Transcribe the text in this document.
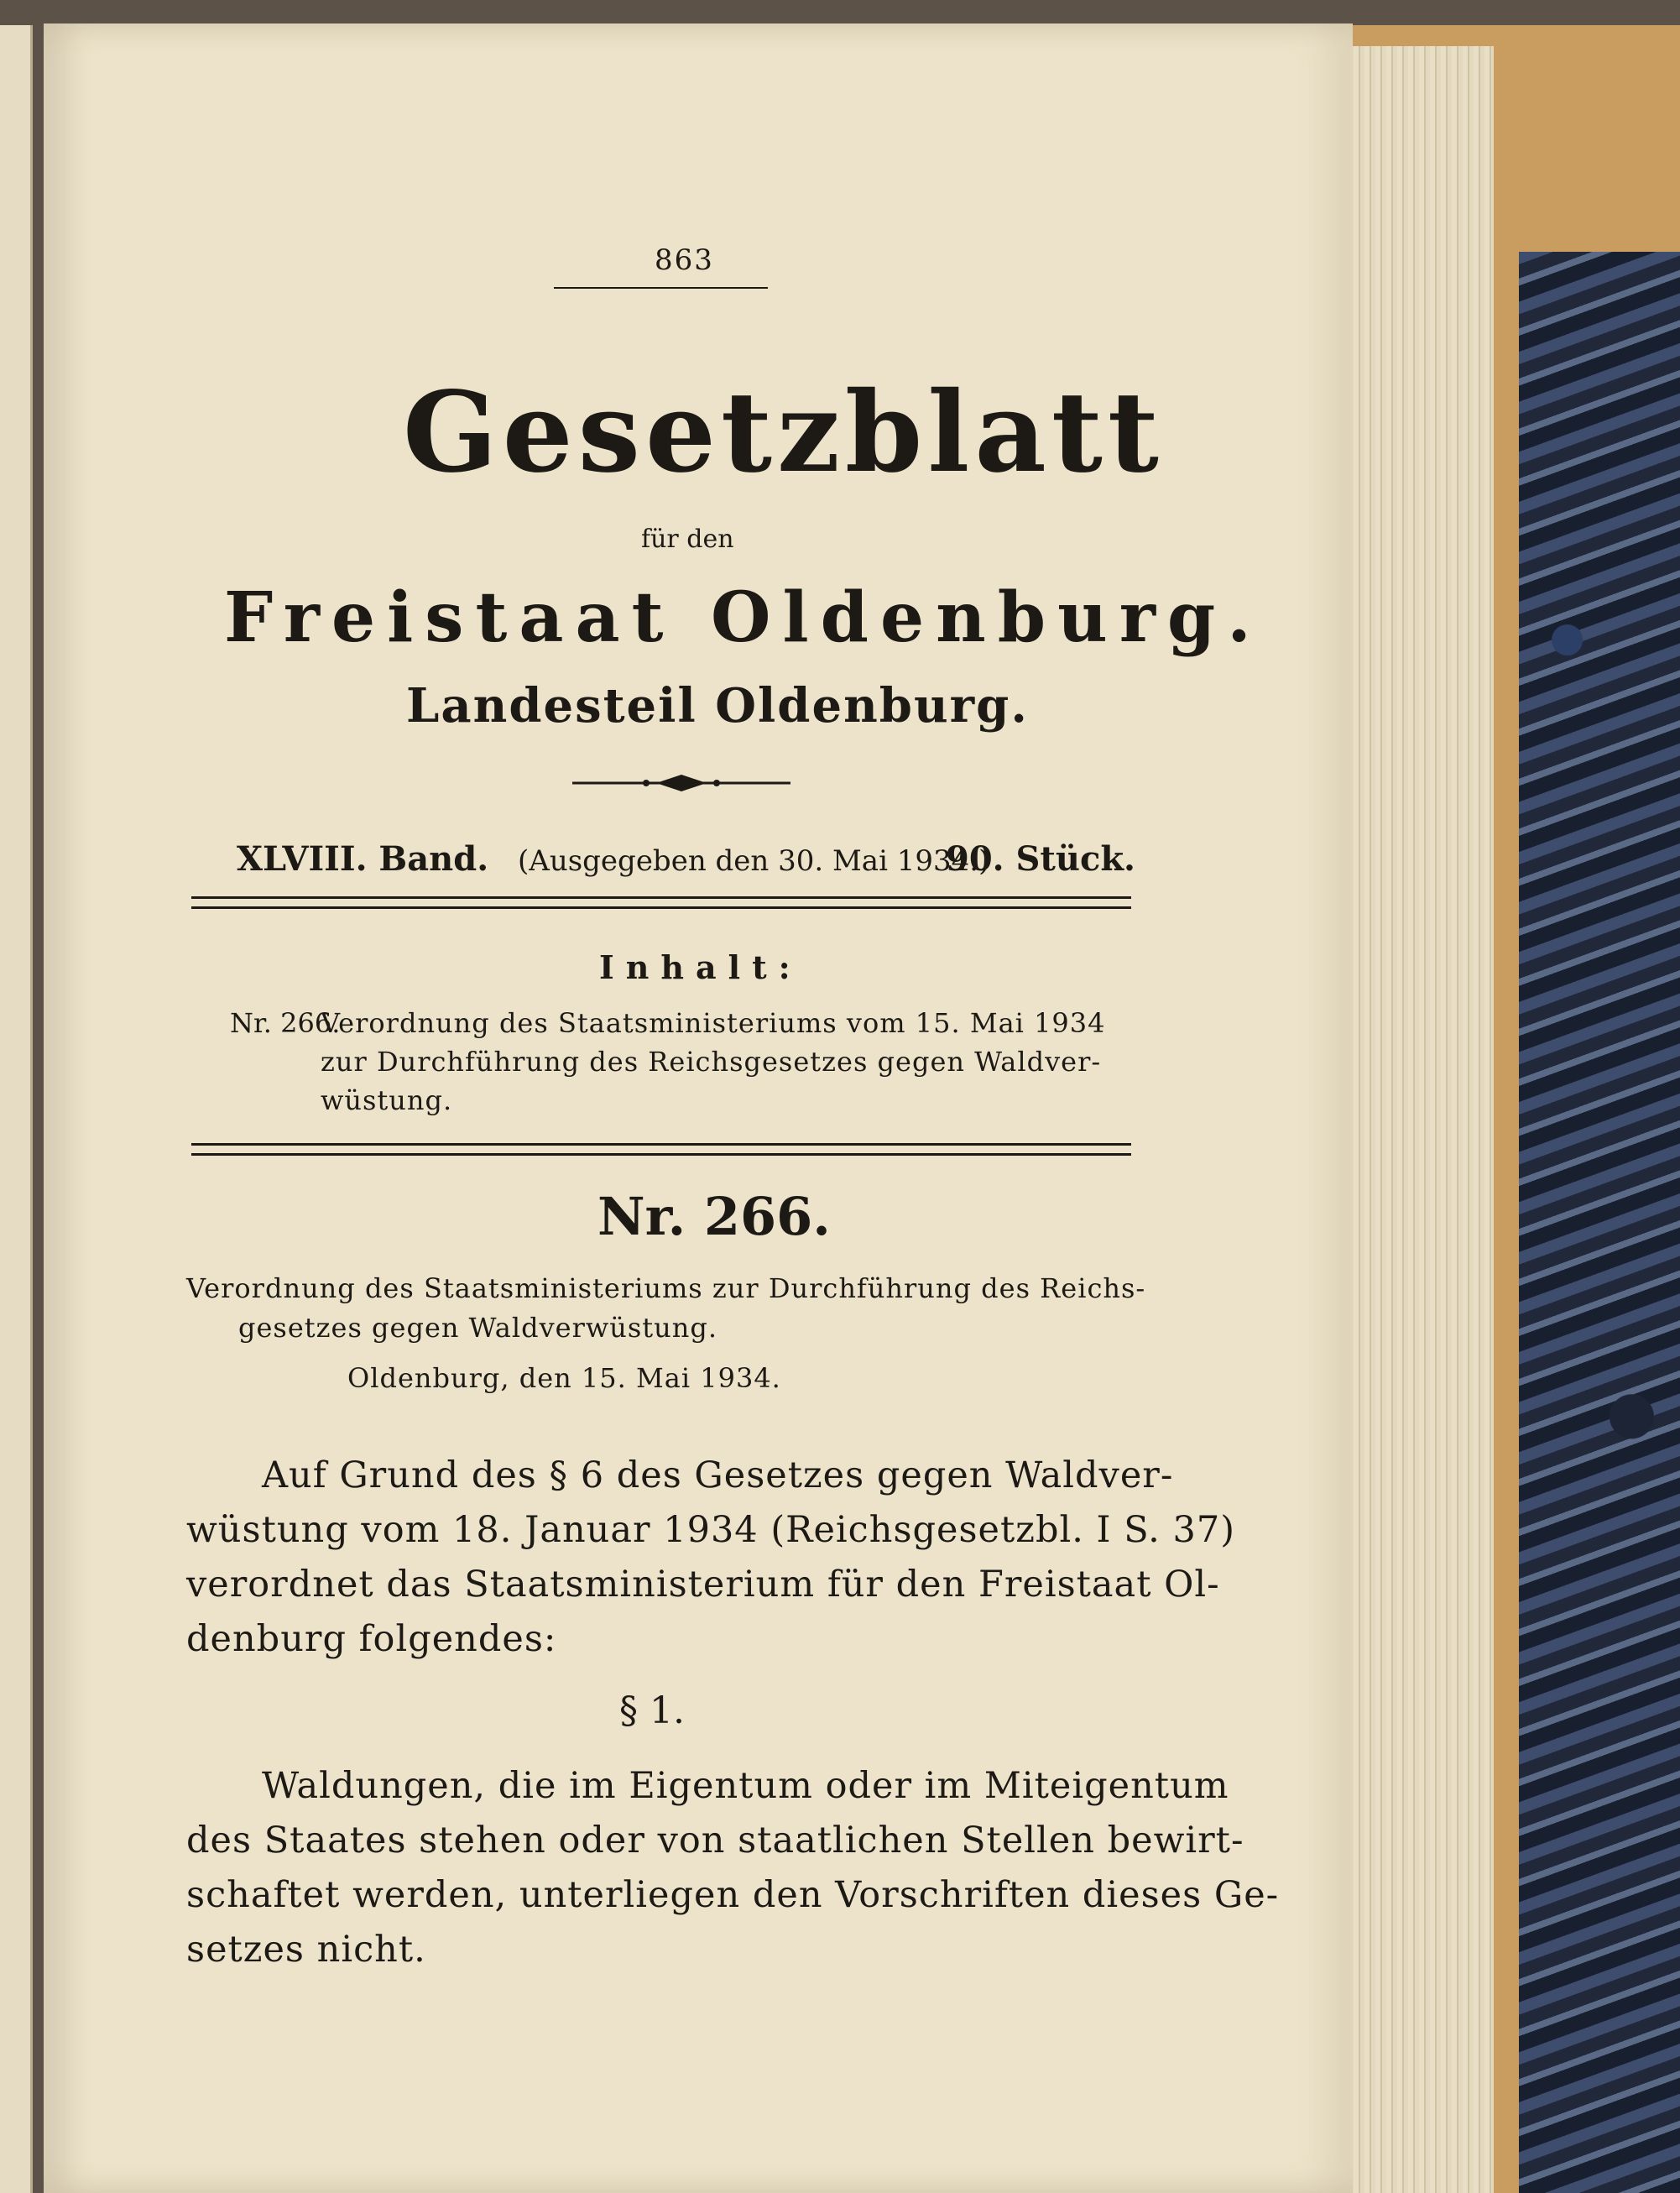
863
Gesetzblatt
für den
Freistaat Oldenburg.
Landesteil Oldenburg.
XLVIII. Band. (Ausgegeben den 30. Mai 1934.)
90. Stück.
Inhalt:
Nr. 266.
Verordnung des Staatsministeriums vom 15. Mai 1934
zur Durchführung des Reichsgesetzes gegen Waldver-
wüstung.
Nr. 266.
Verordnung des Staatsministeriums zur Durchführung des Reichs-
gesetzes gegen Waldverwüstung.
Oldenburg, den 15. Mai 1934.
Auf Grund des § 6 des Gesetzes gegen Waldver-
wüstung vom 18. Januar 1934 (Reichsgesetzbl. I S. 37)
verordnet das Staatsministerium für den Freistaat Ol-
denburg folgendes:
§ 1.
Waldungen, die im Eigentum oder im Miteigentum
des Staates stehen oder von staatlichen Stellen bewirt-
schaftet werden, unterliegen den Vorschriften dieses Ge-
setzes nicht.
